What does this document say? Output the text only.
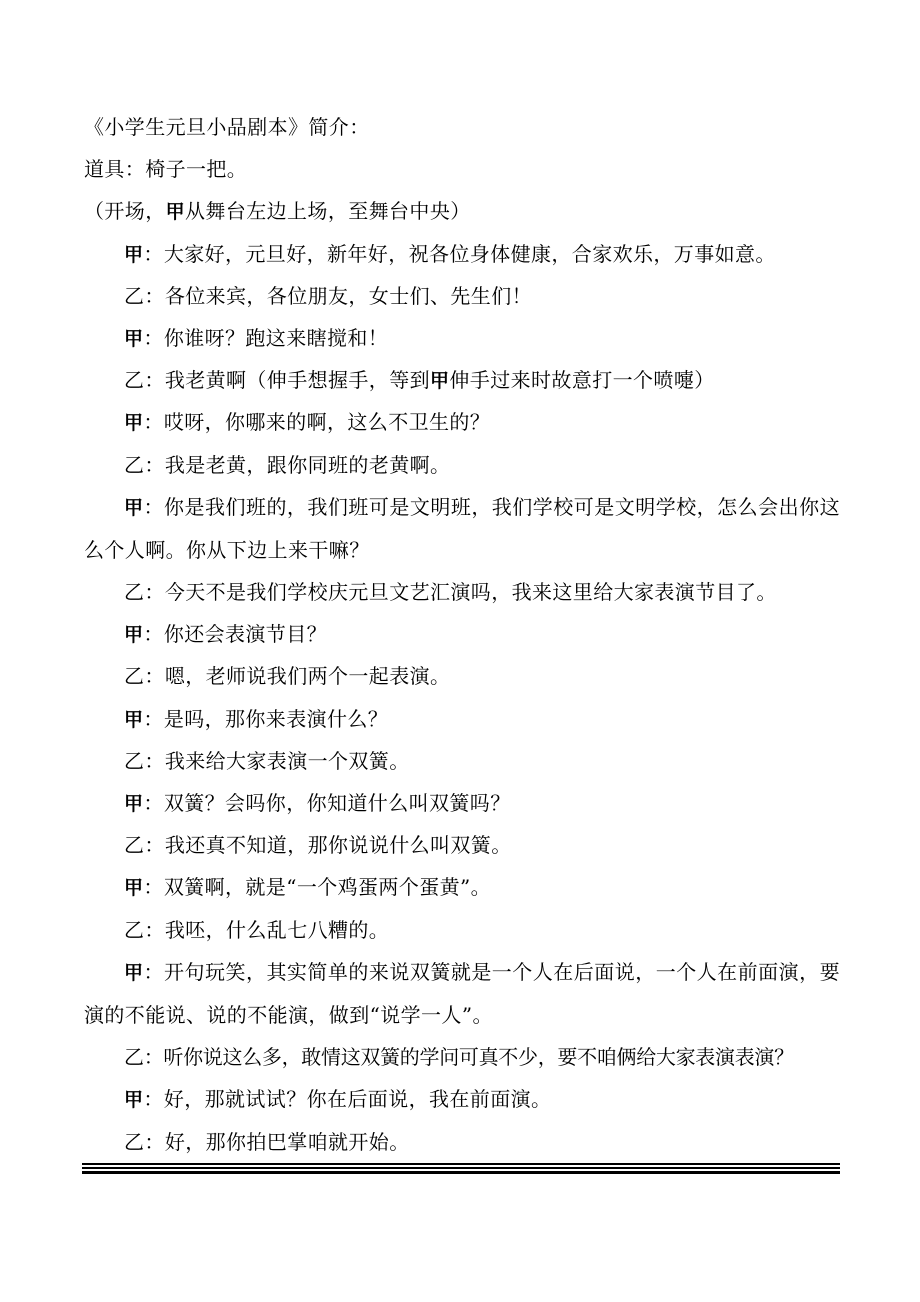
《小学生元旦小品剧本》简介：
道具：椅子一把。
（开场，甲从舞台左边上场，至舞台中央）
甲：大家好，元旦好，新年好，祝各位身体健康，合家欢乐，万事如意。
乙：各位来宾，各位朋友，女士们、先生们！
甲：你谁呀？跑这来瞎搅和！
乙：我老黄啊（伸手想握手，等到甲伸手过来时故意打一个喷嚏）
甲：哎呀，你哪来的啊，这么不卫生的？
乙：我是老黄，跟你同班的老黄啊。
甲：你是我们班的，我们班可是文明班，我们学校可是文明学校，怎么会出你这么个人啊。你从下边上来干嘛？
乙：今天不是我们学校庆元旦文艺汇演吗，我来这里给大家表演节目了。
甲：你还会表演节目？
乙：嗯，老师说我们两个一起表演。
甲：是吗，那你来表演什么？
乙：我来给大家表演一个双簧。
甲：双簧？会吗你，你知道什么叫双簧吗？
乙：我还真不知道，那你说说什么叫双簧。
甲：双簧啊，就是“一个鸡蛋两个蛋黄”。
乙：我呸，什么乱七八糟的。
甲：开句玩笑，其实简单的来说双簧就是一个人在后面说，一个人在前面演，要演的不能说、说的不能演，做到“说学一人”。
乙：听你说这么多，敢情这双簧的学问可真不少，要不咱俩给大家表演表演？
甲：好，那就试试？你在后面说，我在前面演。
乙：好，那你拍巴掌咱就开始。
